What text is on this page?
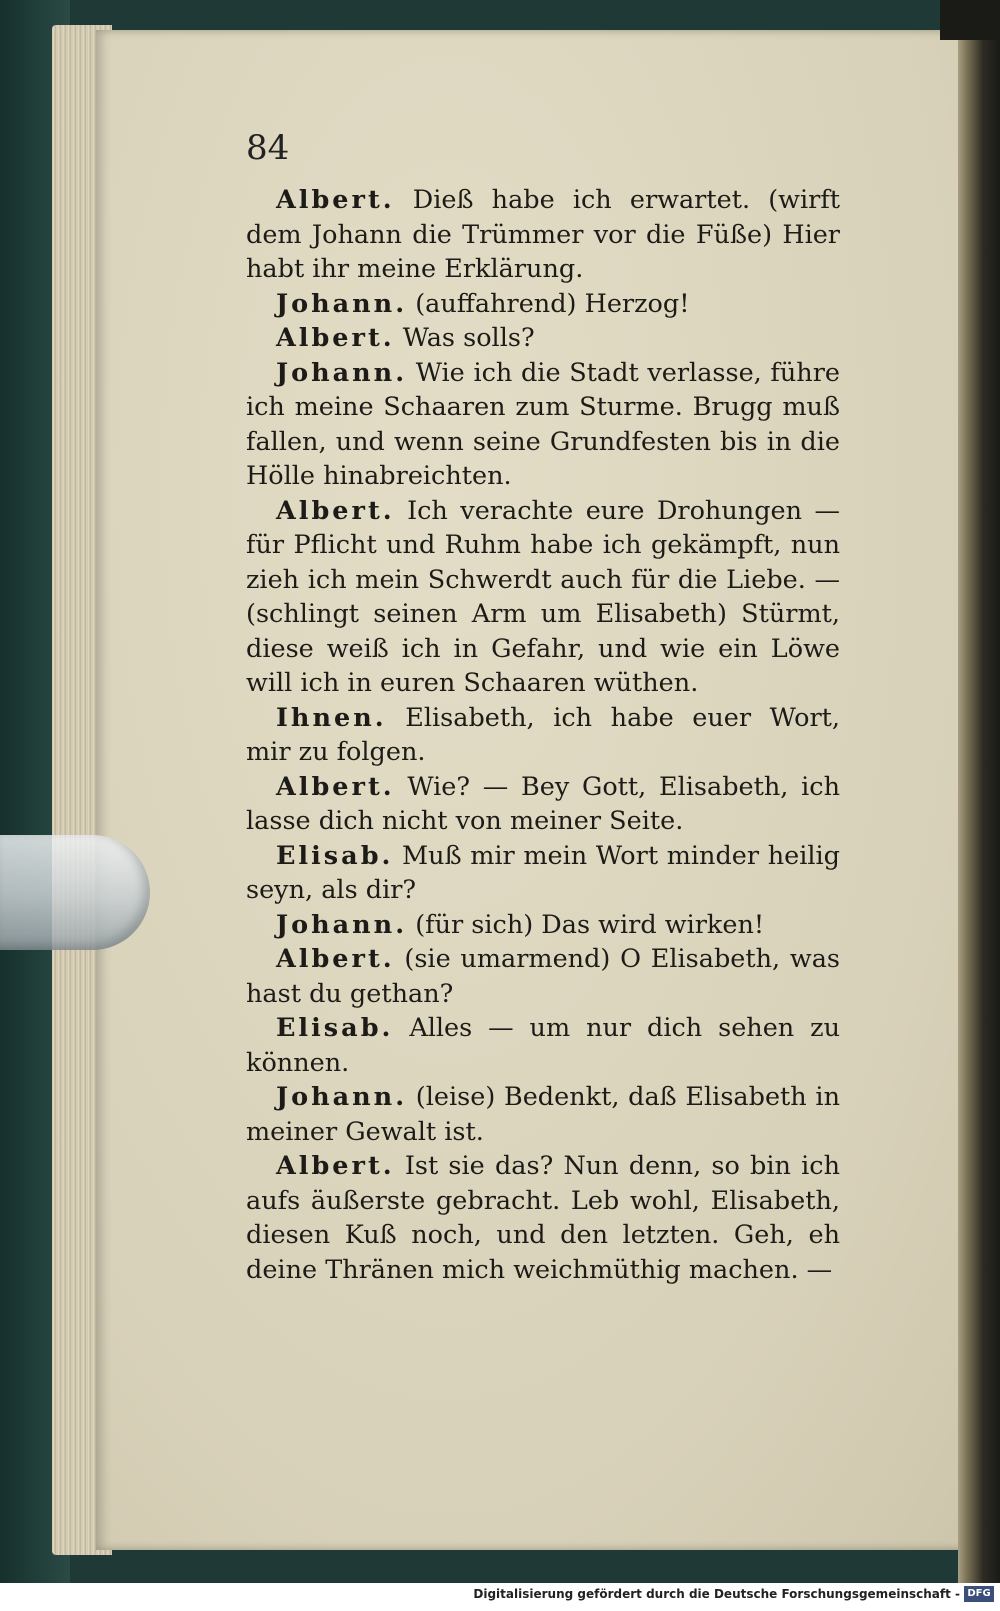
84

Albert. Dieß habe ich erwartet. (wirft dem Johann die Trümmer vor die Füße) Hier habt ihr meine Erklärung.

Johann. (auffahrend) Herzog!

Albert. Was solls?

Johann. Wie ich die Stadt verlasse, führe ich meine Schaaren zum Sturme. Brugg muß fallen, und wenn seine Grundfesten bis in die Hölle hinabreichten.

Albert. Ich verachte eure Drohungen — für Pflicht und Ruhm habe ich gekämpft, nun zieh ich mein Schwerdt auch für die Liebe. — (schlingt seinen Arm um Elisabeth) Stürmt, diese weiß ich in Gefahr, und wie ein Löwe will ich in euren Schaaren wüthen.

Ihnen. Elisabeth, ich habe euer Wort, mir zu folgen.

Albert. Wie? — Bey Gott, Elisabeth, ich lasse dich nicht von meiner Seite.

Elisab. Muß mir mein Wort minder heilig seyn, als dir?

Johann. (für sich) Das wird wirken!

Albert. (sie umarmend) O Elisabeth, was hast du gethan?

Elisab. Alles — um nur dich sehen zu können.

Johann. (leise) Bedenkt, daß Elisabeth in meiner Gewalt ist.

Albert. Ist sie das? Nun denn, so bin ich aufs äußerste gebracht. Leb wohl, Elisabeth, diesen Kuß noch, und den letzten. Geh, eh deine Thränen mich weichmüthig machen. —

Digitalisierung gefördert durch die Deutsche Forschungsgemeinschaft - DFG
